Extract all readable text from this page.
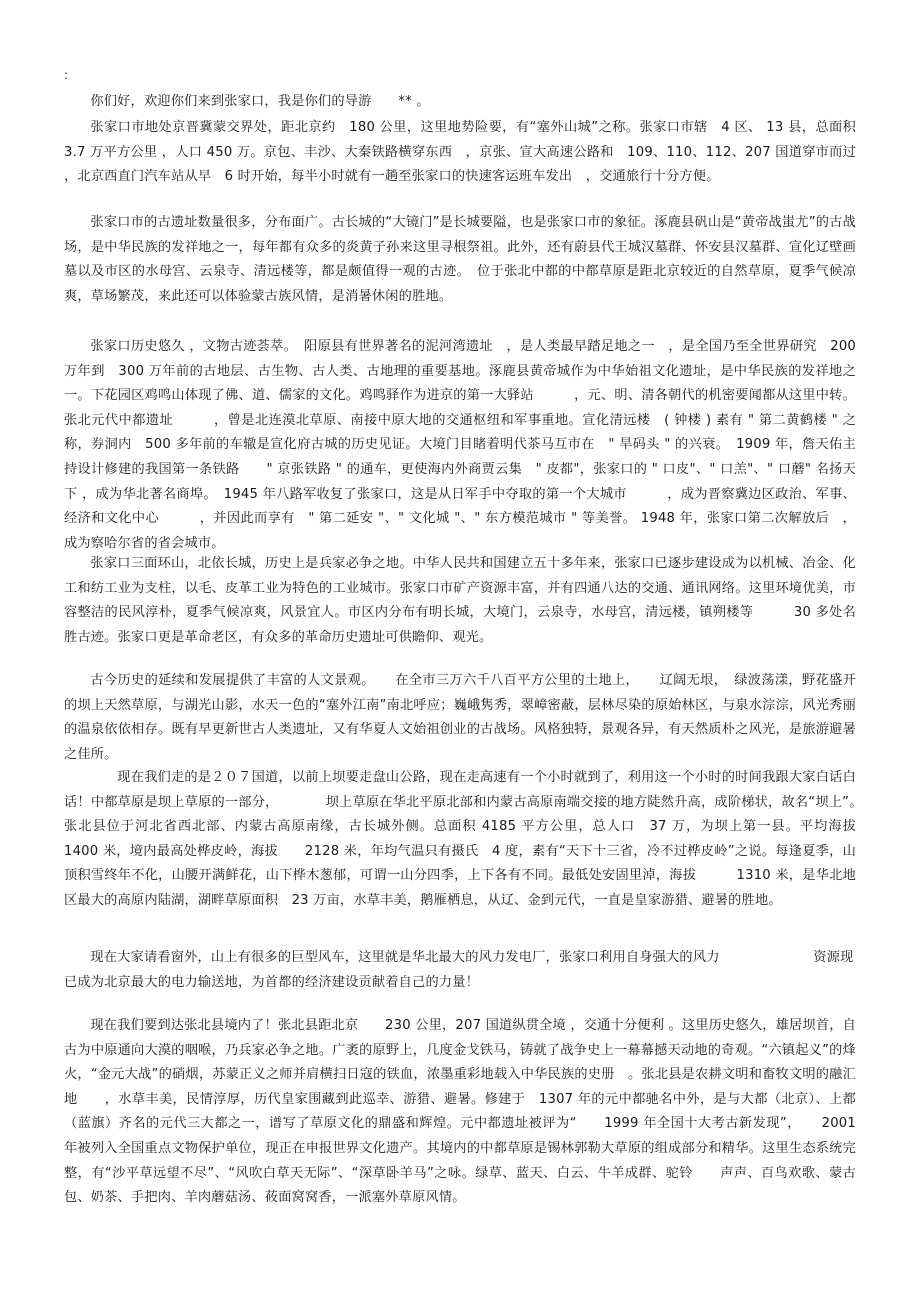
:

你们好，欢迎你们来到张家口，我是你们的导游　　** 。

张家口市地处京晋冀蒙交界处，距北京约　180 公里，这里地势险要，有“塞外山城”之称。张家口市辖　4 区、 13 县，总面积　3.7 万平方公里 ，人口 450 万。京包、丰沙、大秦铁路横穿东西　，京张、宣大高速公路和　109、110、112、207 国道穿市而过 ，北京西直门汽车站从早　6 时开始，每半小时就有一趟至张家口的快速客运班车发出　，交通旅行十分方便。

张家口市的古遗址数量很多，分布面广。古长城的“大镜门”是长城要隘，也是张家口市的象征。涿鹿县矾山是“黄帝战蚩尤”的古战场，是中华民族的发祥地之一，每年都有众多的炎黄子孙来这里寻根祭祖。此外，还有蔚县代王城汉墓群、怀安县汉墓群、宣化辽壁画墓以及市区的水母宫、云泉寺、清远楼等，都是颇值得一观的古迹。　位于张北中都的中都草原是距北京较近的自然草原，夏季气候凉爽，草场繁茂，来此还可以体验蒙古族风情，是消暑休闲的胜地。

张家口历史悠久 ，文物古迹荟萃。　阳原县有世界著名的泥河湾遗址　，是人类最早踏足地之一　，是全国乃至全世界研究　200 万年到　300 万年前的古地层、古生物、古人类、古地理的重要基地。涿鹿县黄帝城作为中华始祖文化遗址，是中华民族的发祥地之一。下花园区鸡鸣山体现了佛、道、儒家的文化。鸡鸣驿作为进京的第一大驿站　　　，元、明、清各朝代的机密要闻都从这里中转。张北元代中都遗址　　　，曾是北连漠北草原、南接中原大地的交通枢纽和军事重地。宣化清远楼　( 钟楼 ) 素有 " 第二黄鹤楼 " 之称，券洞内　500 多年前的车辙是宣化府古城的历史见证。大境门目睹着明代茶马互市在　" 旱码头 " 的兴衰。　1909 年，詹天佑主持设计修建的我国第一条铁路　　" 京张铁路 " 的通车，更使海内外商贾云集　" 皮都"，张家口的 " 口皮"、" 口羔"、" 口蘑" 名扬天下 ，成为华北著名商埠。　1945 年八路军收复了张家口，这是从日军手中夺取的第一个大城市　　　，成为晋察冀边区政治、军事、经济和文化中心　　　，并因此而享有　" 第二延安 "、" 文化城 "、" 东方模范城市 " 等美誉。 1948 年，张家口第二次解放后　，成为察哈尔省的省会城市。

张家口三面环山，北依长城，历史上是兵家必争之地。中华人民共和国建立五十多年来，张家口已逐步建设成为以机械、冶金、化工和纺工业为支柱，以毛、皮革工业为特色的工业城市。张家口市矿产资源丰富，并有四通八达的交通、通讯网络。这里环境优美，市容整洁的民风淳朴，夏季气候凉爽，风景宜人。市区内分布有明长城，大境门，云泉寺，水母宫，清远楼，镇朔楼等　　　30 多处名胜古迹。张家口更是革命老区，有众多的革命历史遗址可供瞻仰、观光。

古今历史的延续和发展提供了丰富的人文景观。　　在全市三万六千八百平方公里的土地上，　　辽阔无垠，　绿波荡漾，野花盛开的坝上天然草原，与湖光山影，水天一色的“塞外江南”南北呼应；巍峨隽秀，翠嶂密蔽，层林尽染的原始林区，与泉水淙淙，风光秀丽的温泉依依相存。既有早更新世古人类遗址，又有华夏人文始祖创业的古战场。风格独特，景观各异，有天然质朴之风光，是旅游避暑之佳所。

　　现在我们走的是２０７国道，以前上坝要走盘山公路，现在走高速有一个小时就到了，利用这一个小时的时间我跟大家白话白话！中都草原是坝上草原的一部分，　　　　坝上草原在华北平原北部和内蒙古高原南端交接的地方陡然升高，成阶梯状，故名“坝上”。　　张北县位于河北省西北部、内蒙古高原南缘，古长城外侧。总面积 4185 平方公里，总人口　37 万，为坝上第一县。平均海拔　　1400 米，境内最高处桦皮岭，海拔　　2128 米，年均气温只有摄氏　4 度，素有“天下十三省，冷不过桦皮岭”之说。每逢夏季，山顶积雪终年不化，山腰开满鲜花，山下桦木葱郁，可谓一山分四季，上下各有不同。最低处安固里淖，海拔　　　1310 米，是华北地区最大的高原内陆湖，湖畔草原面积　23 万亩，水草丰美，鹅雁栖息，从辽、金到元代，一直是皇家游猎、避暑的胜地。

现在大家请看窗外，山上有很多的巨型风车，这里就是华北最大的风力发电厂，张家口利用自身强大的风力　　　　　　　资源现已成为北京最大的电力输送地，为首都的经济建设贡献着自己的力量！

现在我们要到达张北县境内了！张北县距北京　　230 公里，207 国道纵贯全境 ，交通十分便利 。这里历史悠久，雄居坝首，自古为中原通向大漠的咽喉，乃兵家必争之地。广袤的原野上，几度金戈铁马，铸就了战争史上一幕幕撼天动地的奇观。“六镇起义”的烽火，“金元大战”的硝烟，苏蒙正义之师并肩横扫日寇的铁血，浓墨重彩地载入中华民族的史册　。张北县是农耕文明和畜牧文明的融汇地　　，水草丰美，民情淳厚，历代皇家围藏到此巡幸、游猎、避暑。修建于　1307 年的元中都驰名中外，是与大都（北京）、上都（蓝旗）齐名的元代三大都之一，谱写了草原文化的鼎盛和辉煌。元中都遗址被评为“　　1999 年全国十大考古新发现”，　　2001 年被列入全国重点文物保护单位，现正在申报世界文化遗产。其境内的中都草原是锡林郭勒大草原的组成部分和精华。这里生态系统完整，有“沙平草远望不尽”、“风吹白草天无际”、“深草卧羊马”之咏。绿草、蓝天、白云、牛羊成群、驼铃　　声声、百鸟欢歌、蒙古包、奶茶、手把肉、羊肉蘑菇汤、莜面窝窝香，一派塞外草原风情。
